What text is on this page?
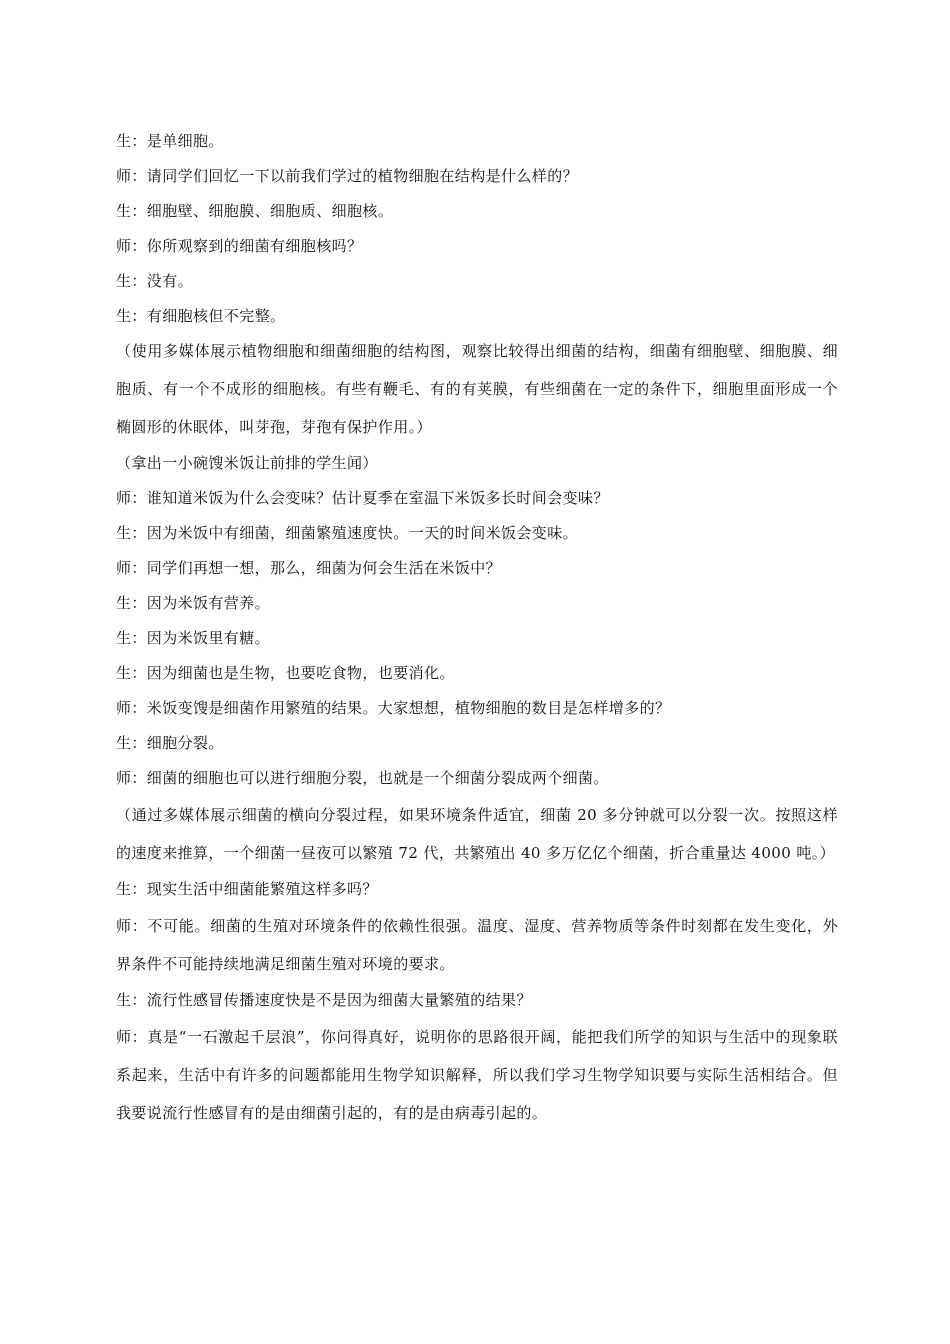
生：是单细胞。
师：请同学们回忆一下以前我们学过的植物细胞在结构是什么样的？
生：细胞壁、细胞膜、细胞质、细胞核。
师：你所观察到的细菌有细胞核吗？
生：没有。
生：有细胞核但不完整。
（使用多媒体展示植物细胞和细菌细胞的结构图，观察比较得出细菌的结构，细菌有细胞壁、细胞膜、细胞质、有一个不成形的细胞核。有些有鞭毛、有的有荚膜，有些细菌在一定的条件下，细胞里面形成一个椭圆形的休眠体，叫芽孢，芽孢有保护作用。）
（拿出一小碗馊米饭让前排的学生闻）
师：谁知道米饭为什么会变味？估计夏季在室温下米饭多长时间会变味？
生：因为米饭中有细菌，细菌繁殖速度快。一天的时间米饭会变味。
师：同学们再想一想，那么，细菌为何会生活在米饭中？
生：因为米饭有营养。
生：因为米饭里有糖。
生：因为细菌也是生物，也要吃食物，也要消化。
师：米饭变馊是细菌作用繁殖的结果。大家想想，植物细胞的数目是怎样增多的？
生：细胞分裂。
师：细菌的细胞也可以进行细胞分裂，也就是一个细菌分裂成两个细菌。
（通过多媒体展示细菌的横向分裂过程，如果环境条件适宜，细菌 20 多分钟就可以分裂一次。按照这样的速度来推算，一个细菌一昼夜可以繁殖 72 代，共繁殖出 40 多万亿亿个细菌，折合重量达 4000 吨。）
生：现实生活中细菌能繁殖这样多吗？
师：不可能。细菌的生殖对环境条件的依赖性很强。温度、湿度、营养物质等条件时刻都在发生变化，外界条件不可能持续地满足细菌生殖对环境的要求。
生：流行性感冒传播速度快是不是因为细菌大量繁殖的结果？
师：真是“一石激起千层浪”，你问得真好，说明你的思路很开阔，能把我们所学的知识与生活中的现象联系起来，生活中有许多的问题都能用生物学知识解释，所以我们学习生物学知识要与实际生活相结合。但我要说流行性感冒有的是由细菌引起的，有的是由病毒引起的。
